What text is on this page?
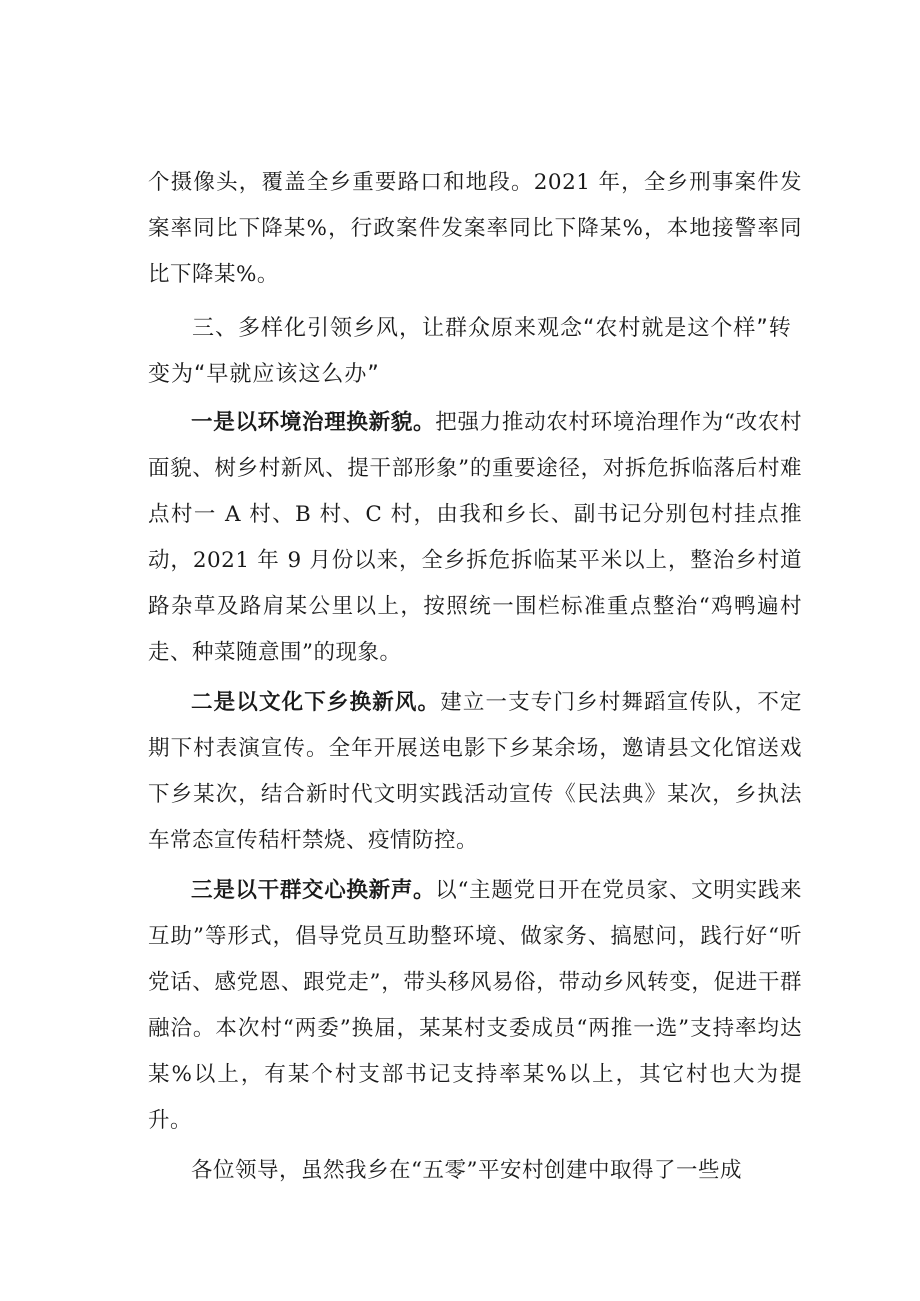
个摄像头，覆盖全乡重要路口和地段。2021 年，全乡刑事案件发案率同比下降某%，行政案件发案率同比下降某%，本地接警率同比下降某%。

三、多样化引领乡风，让群众原来观念“农村就是这个样”转变为“早就应该这么办”

一是以环境治理换新貌。把强力推动农村环境治理作为“改农村面貌、树乡村新风、提干部形象”的重要途径，对拆危拆临落后村难点村一 A 村、B 村、C 村，由我和乡长、副书记分别包村挂点推动，2021 年 9 月份以来，全乡拆危拆临某平米以上，整治乡村道路杂草及路肩某公里以上，按照统一围栏标准重点整治“鸡鸭遍村走、种菜随意围”的现象。

二是以文化下乡换新风。建立一支专门乡村舞蹈宣传队，不定期下村表演宣传。全年开展送电影下乡某余场，邀请县文化馆送戏下乡某次，结合新时代文明实践活动宣传《民法典》某次，乡执法车常态宣传秸杆禁烧、疫情防控。

三是以干群交心换新声。以“主题党日开在党员家、文明实践来互助”等形式，倡导党员互助整环境、做家务、搞慰问，践行好“听党话、感党恩、跟党走”，带头移风易俗，带动乡风转变，促进干群融洽。本次村“两委”换届，某某村支委成员“两推一选”支持率均达某%以上，有某个村支部书记支持率某%以上，其它村也大为提升。

各位领导，虽然我乡在“五零”平安村创建中取得了一些成
